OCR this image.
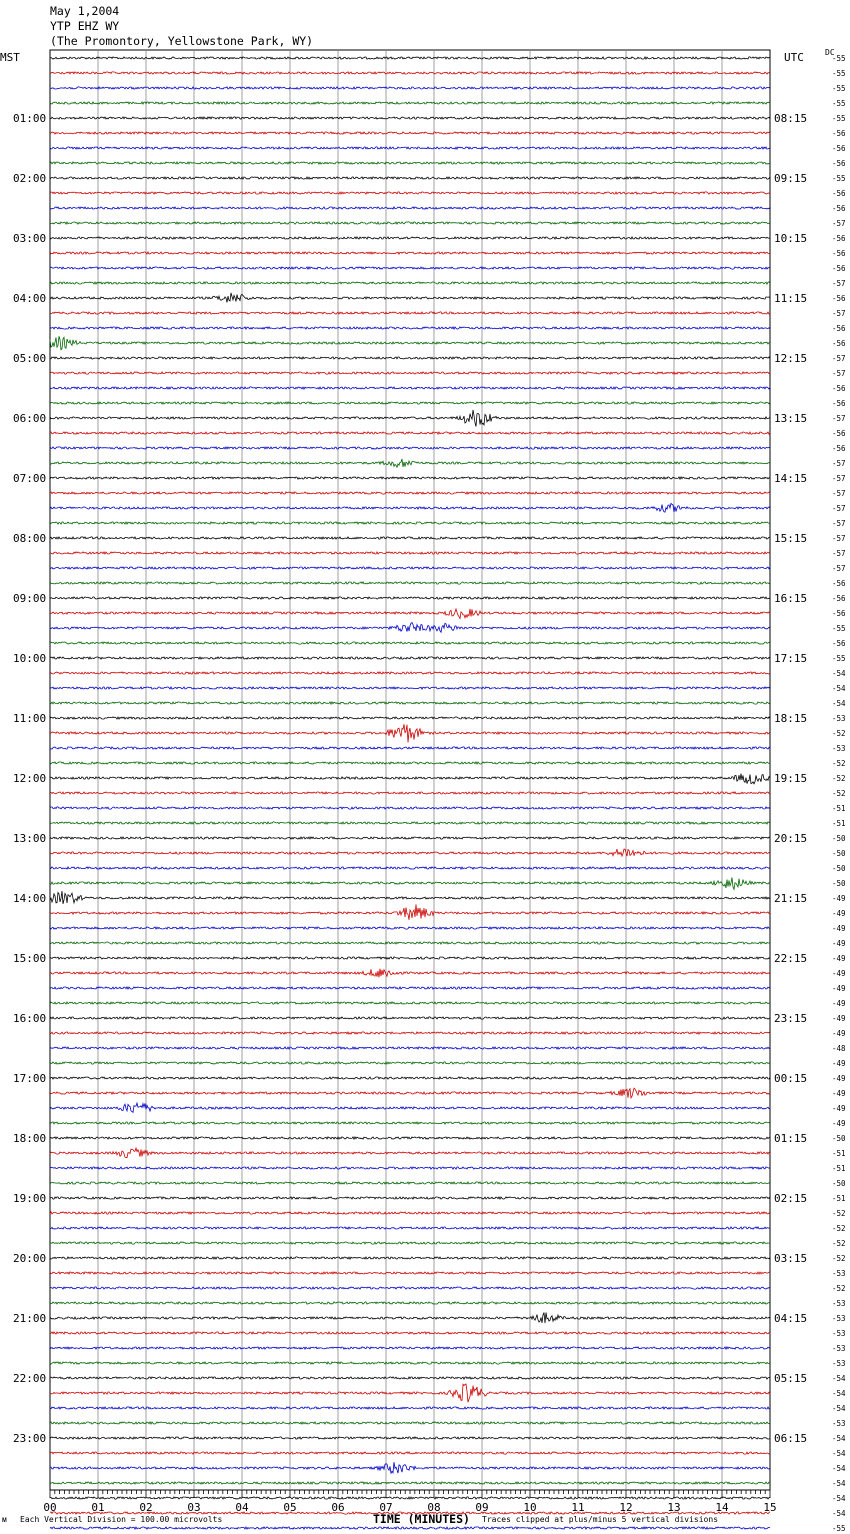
May 1,2004
YTP EHZ WY
(The Promontory, Yellowstone Park, WY)
MST	UTC	DC
-55
-55
-55
-55
-55
-56
-56
-56
-55
-56
-56
-57
-56
-56
-56
-57
-56
-57
-56
-56
-57
-57
-56
-56
-57
-56
-56
-57
-57
-57
-57
-57
-57
-57
-57
-56
-56
-56
-55
-56
-55
-54
-54
-54
-53
-52
-53
-52
-52
-52
-51
-51
-50
-50
-50
-50
-49
-49
-49
-49
-49
-49
-49
-49
-49
-49
-48
-49
-49
-49
-49
-49
-50
-51
-51
-50
-51
-52
-52
-52
-52
-53
-52
-53
-53
-53
-53
-53
-54
-54
-54
-53
-54
-54
-54
-54
-54
-54
-55
01:00
02:00
03:00
04:00
05:00
06:00
07:00
08:00
09:00
10:00
11:00
12:00
13:00
14:00
15:00
16:00
17:00
18:00
19:00
20:00
21:00
22:00
23:00
08:15
09:15
10:15
11:15
12:15
13:15
14:15
15:15
16:15
17:15
18:15
19:15
20:15
21:15
22:15
23:15
00:15
01:15
02:15
03:15
04:15
05:15
06:15
00	01	02	03	04	05	06	07	08	09	10	11	12	13	14	15
ᴍ Each Vertical Division = 100.00 microvolts	TIME (MINUTES) Traces clipped at plus/minus 5 vertical divisions
